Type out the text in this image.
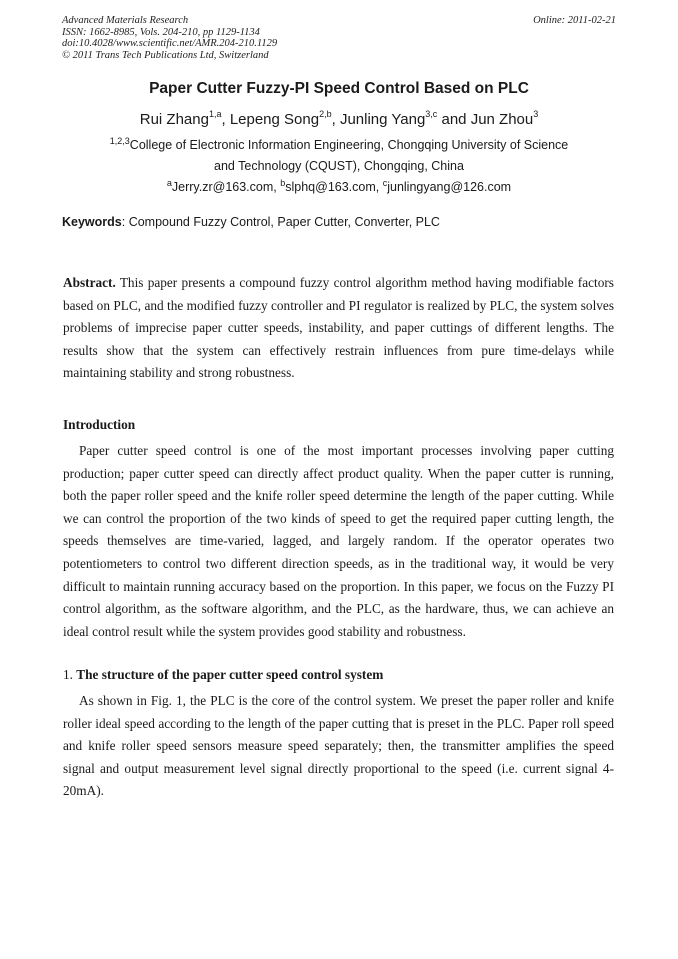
Advanced Materials Research
ISSN: 1662-8985, Vols. 204-210, pp 1129-1134
doi:10.4028/www.scientific.net/AMR.204-210.1129
© 2011 Trans Tech Publications Ltd, Switzerland
Online: 2011-02-21
Paper Cutter Fuzzy-PI Speed Control Based on PLC
Rui Zhang$^{1,a}$, Lepeng Song$^{2,b}$, Junling Yang$^{3,c}$ and Jun Zhou$^3$
$^{1,2,3}$College of Electronic Information Engineering, Chongqing University of Science
and Technology (CQUST), Chongqing, China
$^a$Jerry.zr@163.com, $^b$slphq@163.com, $^c$junlingyang@126.com
Keywords: Compound Fuzzy Control, Paper Cutter, Converter, PLC
Abstract. This paper presents a compound fuzzy control algorithm method having modifiable factors based on PLC, and the modified fuzzy controller and PI regulator is realized by PLC, the system solves problems of imprecise paper cutter speeds, instability, and paper cuttings of different lengths. The results show that the system can effectively restrain influences from pure time-delays while maintaining stability and strong robustness.
Introduction
Paper cutter speed control is one of the most important processes involving paper cutting production; paper cutter speed can directly affect product quality. When the paper cutter is running, both the paper roller speed and the knife roller speed determine the length of the paper cutting. While we can control the proportion of the two kinds of speed to get the required paper cutting length, the speeds themselves are time-varied, lagged, and largely random. If the operator operates two potentiometers to control two different direction speeds, as in the traditional way, it would be very difficult to maintain running accuracy based on the proportion. In this paper, we focus on the Fuzzy PI control algorithm, as the software algorithm, and the PLC, as the hardware, thus, we can achieve an ideal control result while the system provides good stability and robustness.
1. The structure of the paper cutter speed control system
As shown in Fig. 1, the PLC is the core of the control system. We preset the paper roller and knife roller ideal speed according to the length of the paper cutting that is preset in the PLC. Paper roll speed and knife roller speed sensors measure speed separately; then, the transmitter amplifies the speed signal and output measurement level signal directly proportional to the speed (i.e. current signal 4-20mA).
